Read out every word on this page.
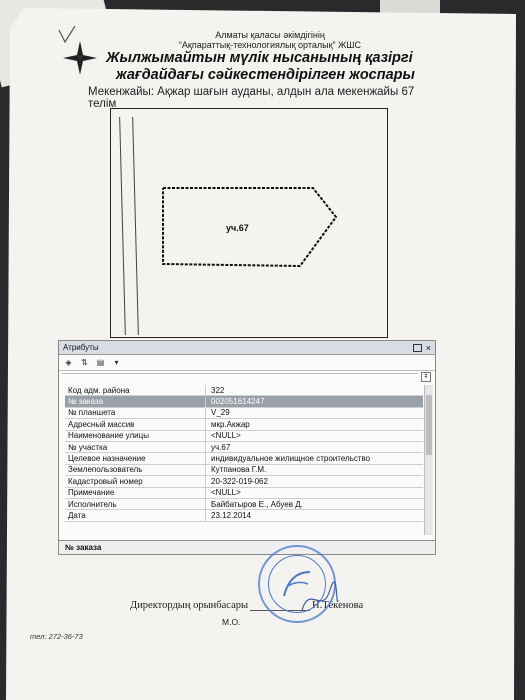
Алматы қаласы әкімдігінің
“Ақпараттық-технологиялық орталық” ЖШС
Жылжымайтын мүлік нысанының қазіргі
жағдайдағы сәйкестендірілген жоспары
Мекенжайы: Ақжар шағын ауданы, алдын ала мекенжайы 67 телім
уч.67
Атрибуты	×
◈	⇅ ▤	▾
ǂ
Код адм. района	322
№ заказа	002051614247
№ планшета	V_29
Адресный массив	мкр.Акжар
Наименование улицы	<NULL>
№ участка	уч.67
Целевое назначение	индивидуальное жилищное строительство
Землепользователь	Кутпанова Г.М.
Кадастровый номер	20-322-019-062
Примечание	<NULL>
Исполнитель	Байбатыров Е., Абуев Д.
Дата	23.12.2014
№ заказа
Директордың орынбасары	Н.Тёкенова
М.О.
тел: 272-36-73
